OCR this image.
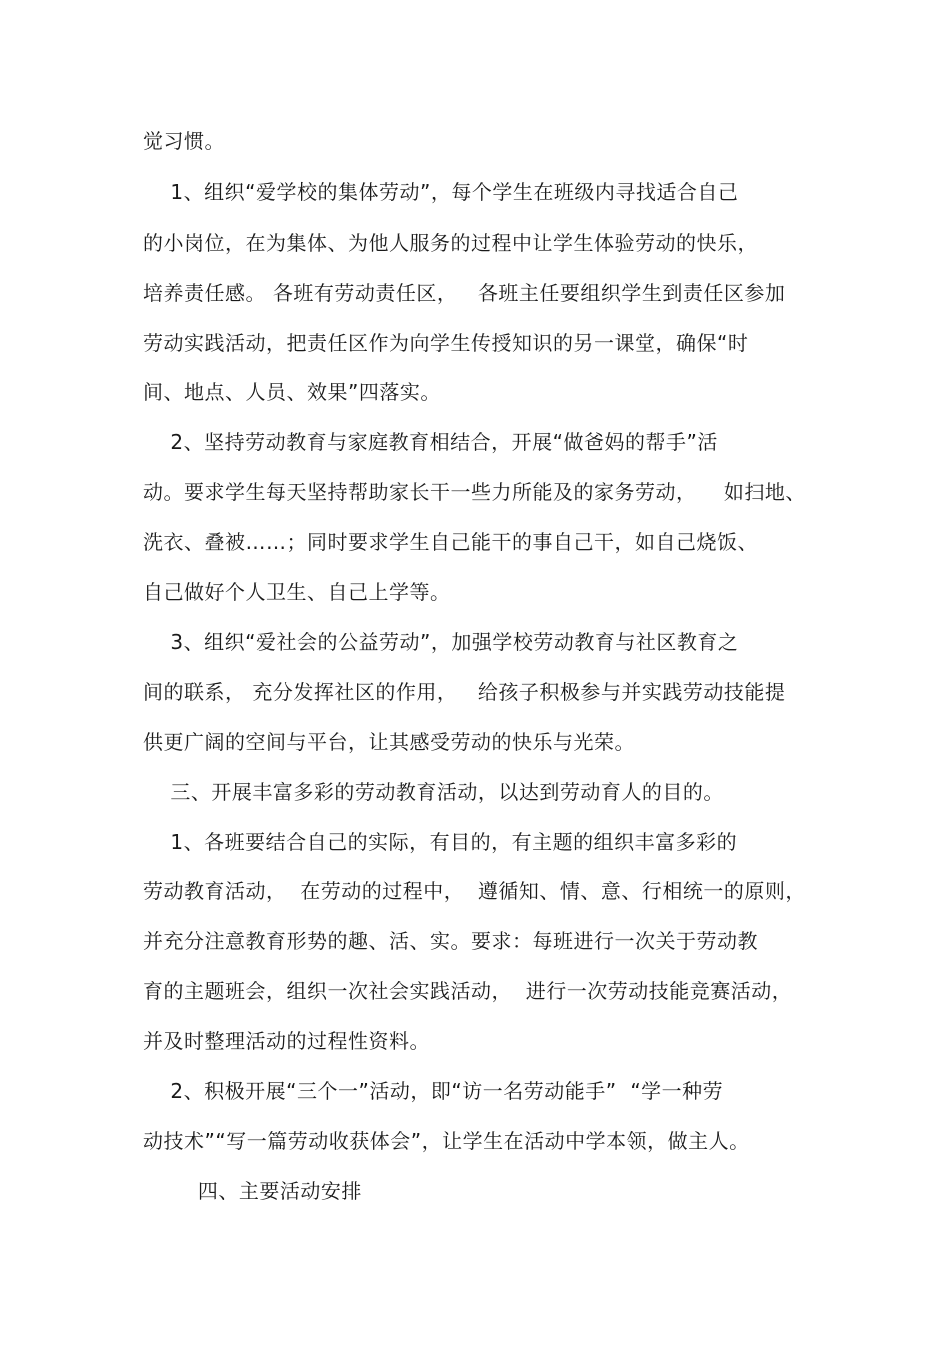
觉习惯。
1、组织“爱学校的集体劳动”，每个学生在班级内寻找适合自己
的小岗位，在为集体、为他人服务的过程中让学生体验劳动的快乐，
培养责任感。 各班有劳动责任区，   各班主任要组织学生到责任区参加
劳动实践活动，把责任区作为向学生传授知识的另一课堂，确保“时
间、地点、人员、效果”四落实。
2、坚持劳动教育与家庭教育相结合，开展“做爸妈的帮手”活
动。要求学生每天坚持帮助家长干一些力所能及的家务劳动，    如扫地、
洗衣、叠被……；同时要求学生自己能干的事自己干，如自己烧饭、
自己做好个人卫生、自己上学等。
3、组织“爱社会的公益劳动”，加强学校劳动教育与社区教育之
间的联系， 充分发挥社区的作用，   给孩子积极参与并实践劳动技能提
供更广阔的空间与平台，让其感受劳动的快乐与光荣。
三、开展丰富多彩的劳动教育活动，以达到劳动育人的目的。
1、各班要结合自己的实际，有目的，有主题的组织丰富多彩的
劳动教育活动，  在劳动的过程中，  遵循知、情、意、行相统一的原则，
并充分注意教育形势的趣、活、实。要求：每班进行一次关于劳动教
育的主题班会，组织一次社会实践活动，  进行一次劳动技能竞赛活动，
并及时整理活动的过程性资料。
2、积极开展“三个一”活动，即“访一名劳动能手”  “学一种劳
动技术”“写一篇劳动收获体会”，让学生在活动中学本领，做主人。
四、主要活动安排
